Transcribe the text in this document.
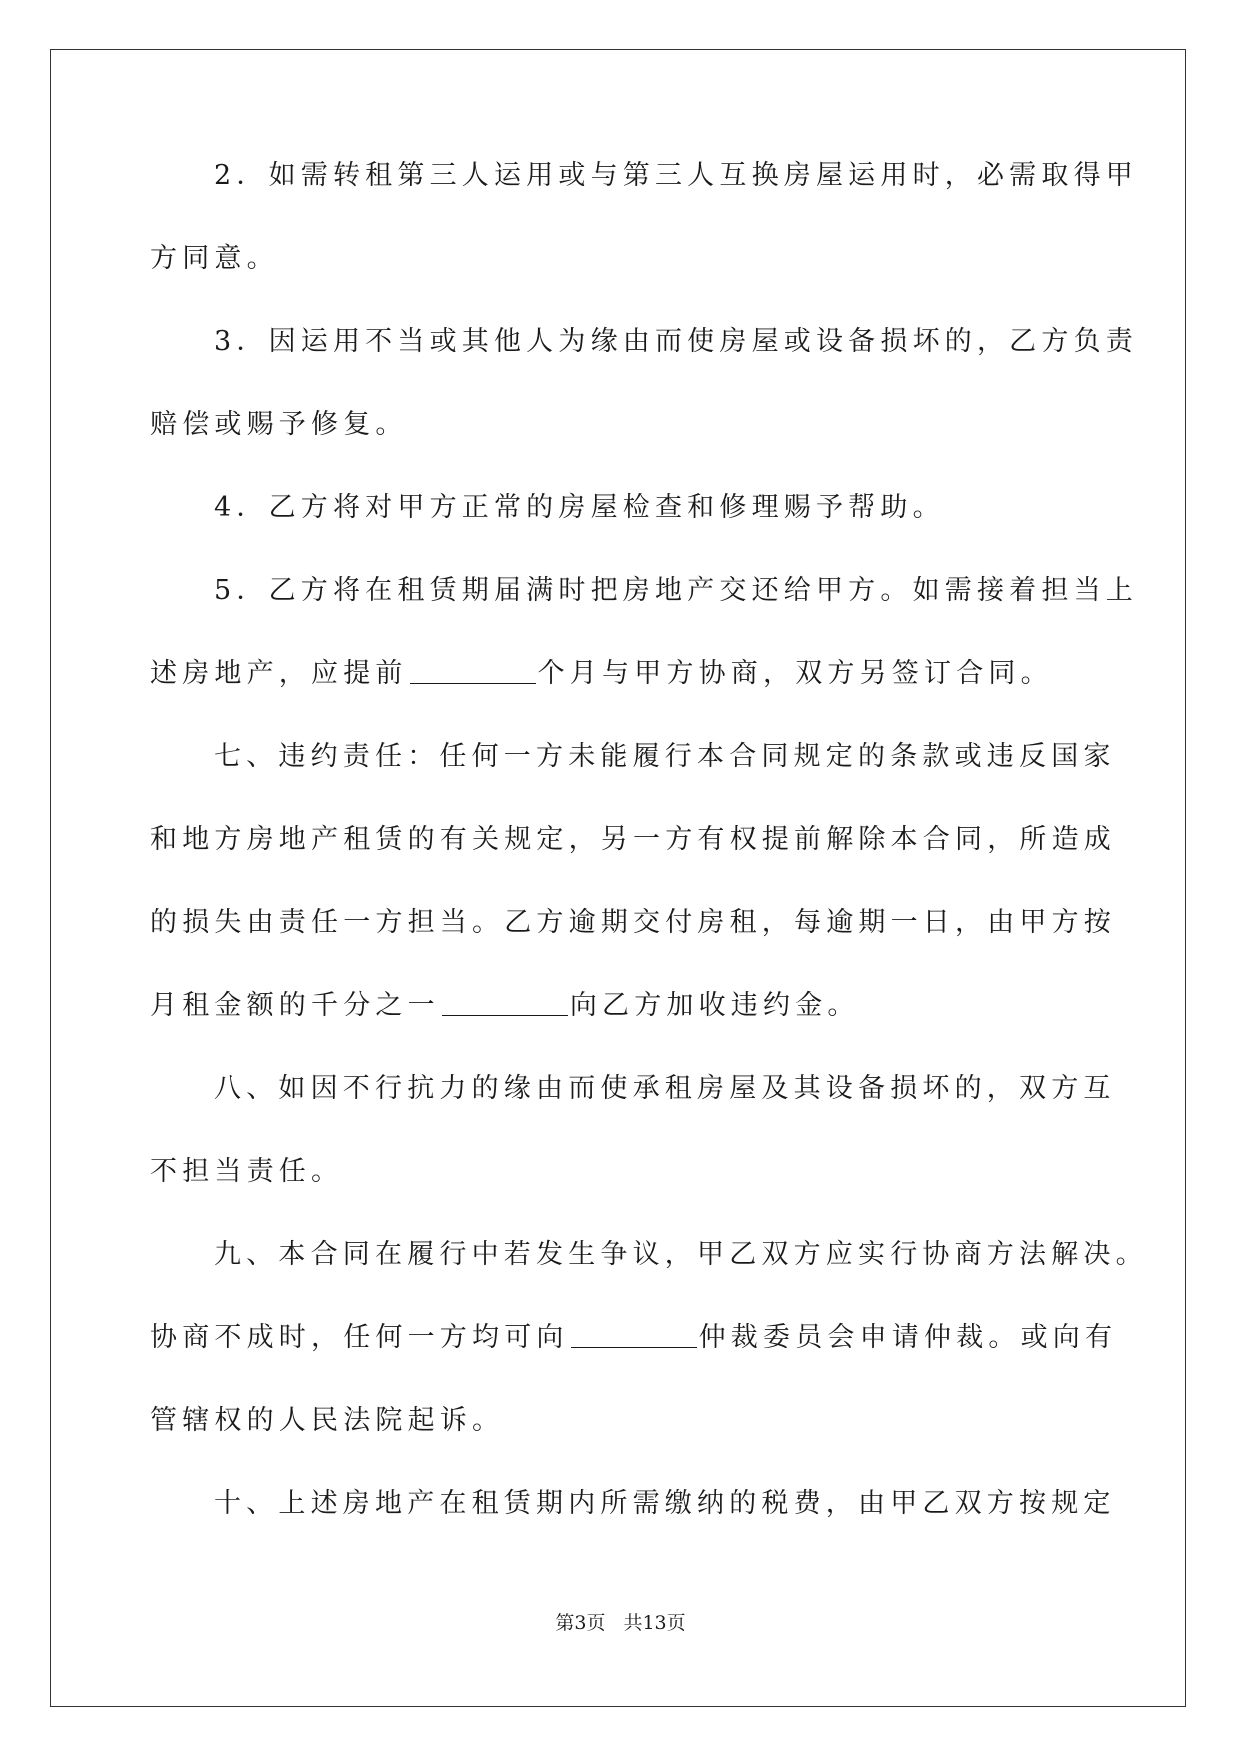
2．如需转租第三人运用或与第三人互换房屋运用时，必需取得甲
方同意。
3．因运用不当或其他人为缘由而使房屋或设备损坏的，乙方负责
赔偿或赐予修复。
4．乙方将对甲方正常的房屋检查和修理赐予帮助。
5．乙方将在租赁期届满时把房地产交还给甲方。如需接着担当上
述房地产，应提前	个月与甲方协商，双方另签订合同。
七、违约责任：任何一方未能履行本合同规定的条款或违反国家
和地方房地产租赁的有关规定，另一方有权提前解除本合同，所造成
的损失由责任一方担当。乙方逾期交付房租，每逾期一日，由甲方按
月租金额的千分之一	向乙方加收违约金。
八、如因不行抗力的缘由而使承租房屋及其设备损坏的，双方互
不担当责任。
九、本合同在履行中若发生争议，甲乙双方应实行协商方法解决。
协商不成时，任何一方均可向	仲裁委员会申请仲裁。或向有
管辖权的人民法院起诉。
十、上述房地产在租赁期内所需缴纳的税费，由甲乙双方按规定
第3页 共13页
